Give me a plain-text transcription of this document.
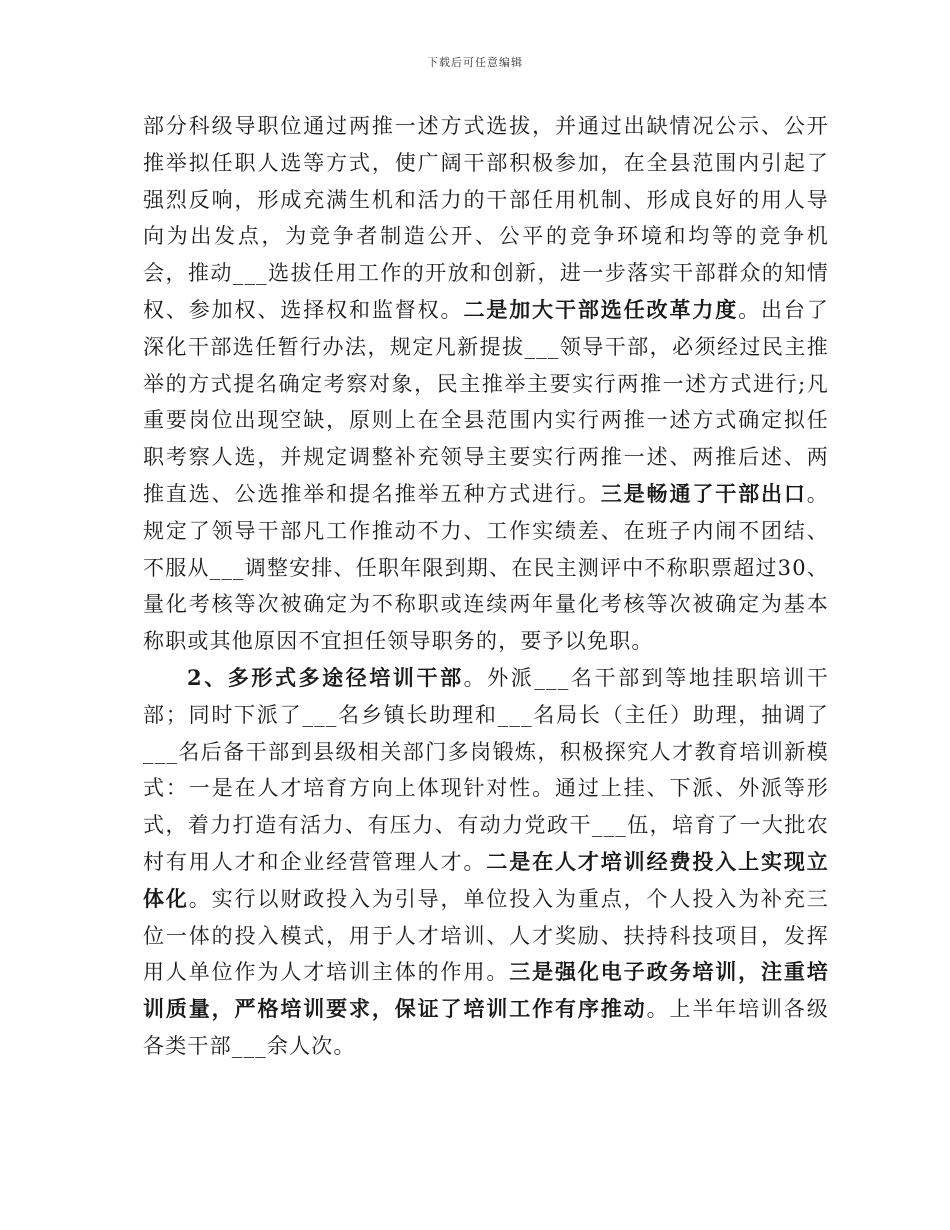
下载后可任意编辑

部分科级导职位通过两推一述方式选拔，并通过出缺情况公示、公开推举拟任职人选等方式，使广阔干部积极参加，在全县范围内引起了强烈反响，形成充满生机和活力的干部任用机制、形成良好的用人导向为出发点，为竞争者制造公开、公平的竞争环境和均等的竞争机会，推动___选拔任用工作的开放和创新，进一步落实干部群众的知情权、参加权、选择权和监督权。二是加大干部选任改革力度。出台了深化干部选任暂行办法，规定凡新提拔___领导干部，必须经过民主推举的方式提名确定考察对象，民主推举主要实行两推一述方式进行;凡重要岗位出现空缺，原则上在全县范围内实行两推一述方式确定拟任职考察人选，并规定调整补充领导主要实行两推一述、两推后述、两推直选、公选推举和提名推举五种方式进行。三是畅通了干部出口。规定了领导干部凡工作推动不力、工作实绩差、在班子内闹不团结、不服从___调整安排、任职年限到期、在民主测评中不称职票超过30、量化考核等次被确定为不称职或连续两年量化考核等次被确定为基本称职或其他原因不宜担任领导职务的，要予以免职。

2、多形式多途径培训干部。外派___名干部到等地挂职培训干部；同时下派了___名乡镇长助理和___名局长（主任）助理，抽调了___名后备干部到县级相关部门多岗锻炼，积极探究人才教育培训新模式：一是在人才培育方向上体现针对性。通过上挂、下派、外派等形式，着力打造有活力、有压力、有动力党政干___伍，培育了一大批农村有用人才和企业经营管理人才。二是在人才培训经费投入上实现立体化。实行以财政投入为引导，单位投入为重点，个人投入为补充三位一体的投入模式，用于人才培训、人才奖励、扶持科技项目，发挥用人单位作为人才培训主体的作用。三是强化电子政务培训，注重培训质量，严格培训要求，保证了培训工作有序推动。上半年培训各级各类干部___余人次。
